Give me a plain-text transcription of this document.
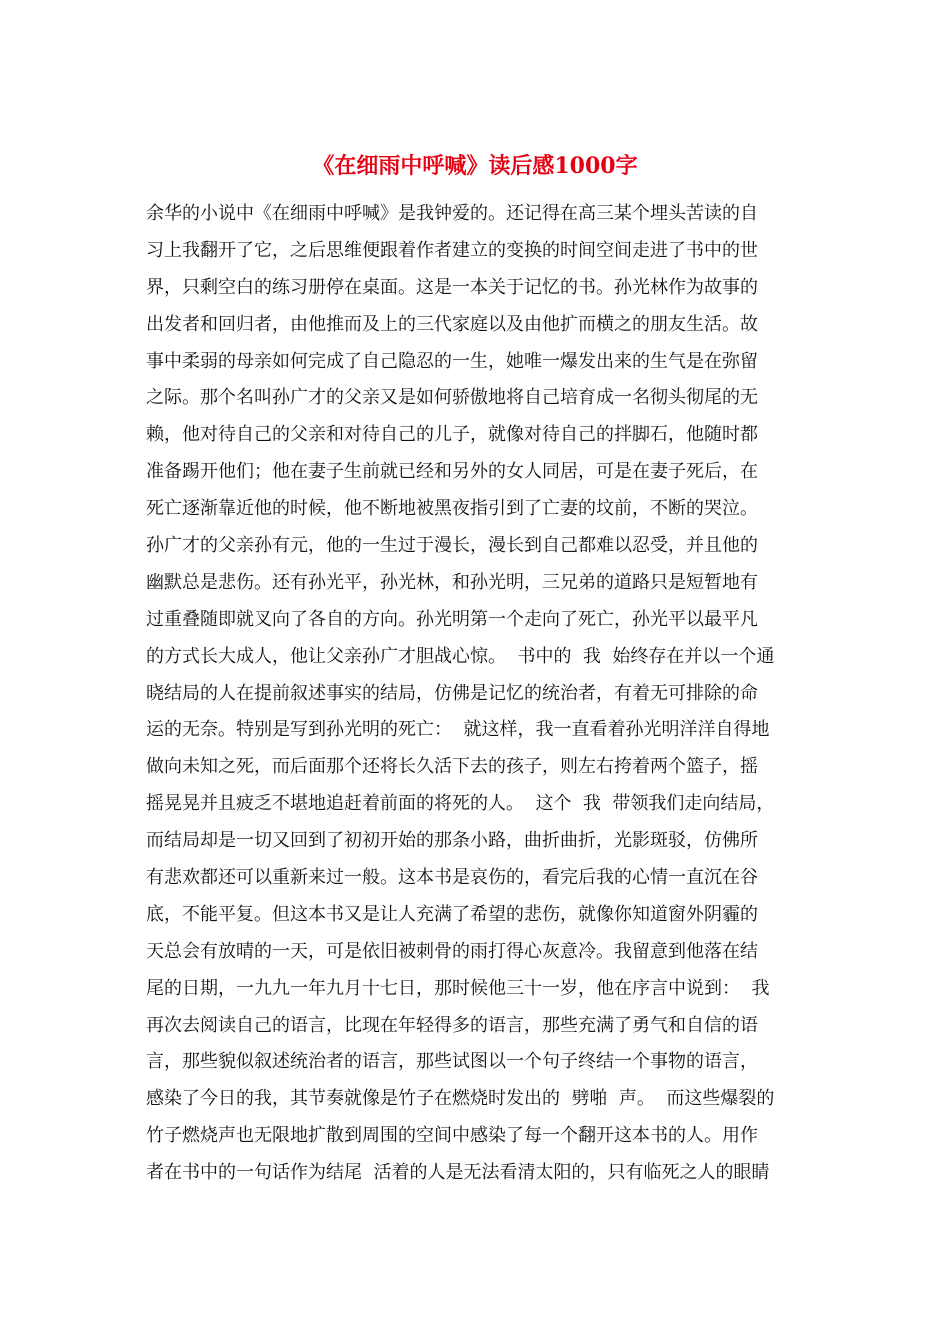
《在细雨中呼喊》读后感1000字
余华的小说中《在细雨中呼喊》是我钟爱的。还记得在高三某个埋头苦读的自
习上我翻开了它，之后思维便跟着作者建立的变换的时间空间走进了书中的世
界，只剩空白的练习册停在桌面。这是一本关于记忆的书。孙光林作为故事的
出发者和回归者，由他推而及上的三代家庭以及由他扩而横之的朋友生活。故
事中柔弱的母亲如何完成了自己隐忍的一生，她唯一爆发出来的生气是在弥留
之际。那个名叫孙广才的父亲又是如何骄傲地将自己培育成一名彻头彻尾的无
赖，他对待自己的父亲和对待自己的儿子，就像对待自己的拌脚石，他随时都
准备踢开他们；他在妻子生前就已经和另外的女人同居，可是在妻子死后，在
死亡逐渐靠近他的时候，他不断地被黑夜指引到了亡妻的坟前，不断的哭泣。
孙广才的父亲孙有元，他的一生过于漫长，漫长到自己都难以忍受，并且他的
幽默总是悲伤。还有孙光平，孙光林，和孙光明，三兄弟的道路只是短暂地有
过重叠随即就叉向了各自的方向。孙光明第一个走向了死亡，孙光平以最平凡
的方式长大成人，他让父亲孙广才胆战心惊。  书中的  我  始终存在并以一个通
晓结局的人在提前叙述事实的结局，仿佛是记忆的统治者，有着无可排除的命
运的无奈。特别是写到孙光明的死亡：  就这样，我一直看着孙光明洋洋自得地
做向未知之死，而后面那个还将长久活下去的孩子，则左右挎着两个篮子，摇
摇晃晃并且疲乏不堪地追赶着前面的将死的人。  这个  我  带领我们走向结局，
而结局却是一切又回到了初初开始的那条小路，曲折曲折，光影斑驳，仿佛所
有悲欢都还可以重新来过一般。这本书是哀伤的，看完后我的心情一直沉在谷
底，不能平复。但这本书又是让人充满了希望的悲伤，就像你知道窗外阴霾的
天总会有放晴的一天，可是依旧被刺骨的雨打得心灰意冷。我留意到他落在结
尾的日期，一九九一年九月十七日，那时候他三十一岁，他在序言中说到：  我
再次去阅读自己的语言，比现在年轻得多的语言，那些充满了勇气和自信的语
言，那些貌似叙述统治者的语言，那些试图以一个句子终结一个事物的语言，
感染了今日的我，其节奏就像是竹子在燃烧时发出的  劈啪  声。  而这些爆裂的
竹子燃烧声也无限地扩散到周围的空间中感染了每一个翻开这本书的人。用作
者在书中的一句话作为结尾  活着的人是无法看清太阳的，只有临死之人的眼睛
